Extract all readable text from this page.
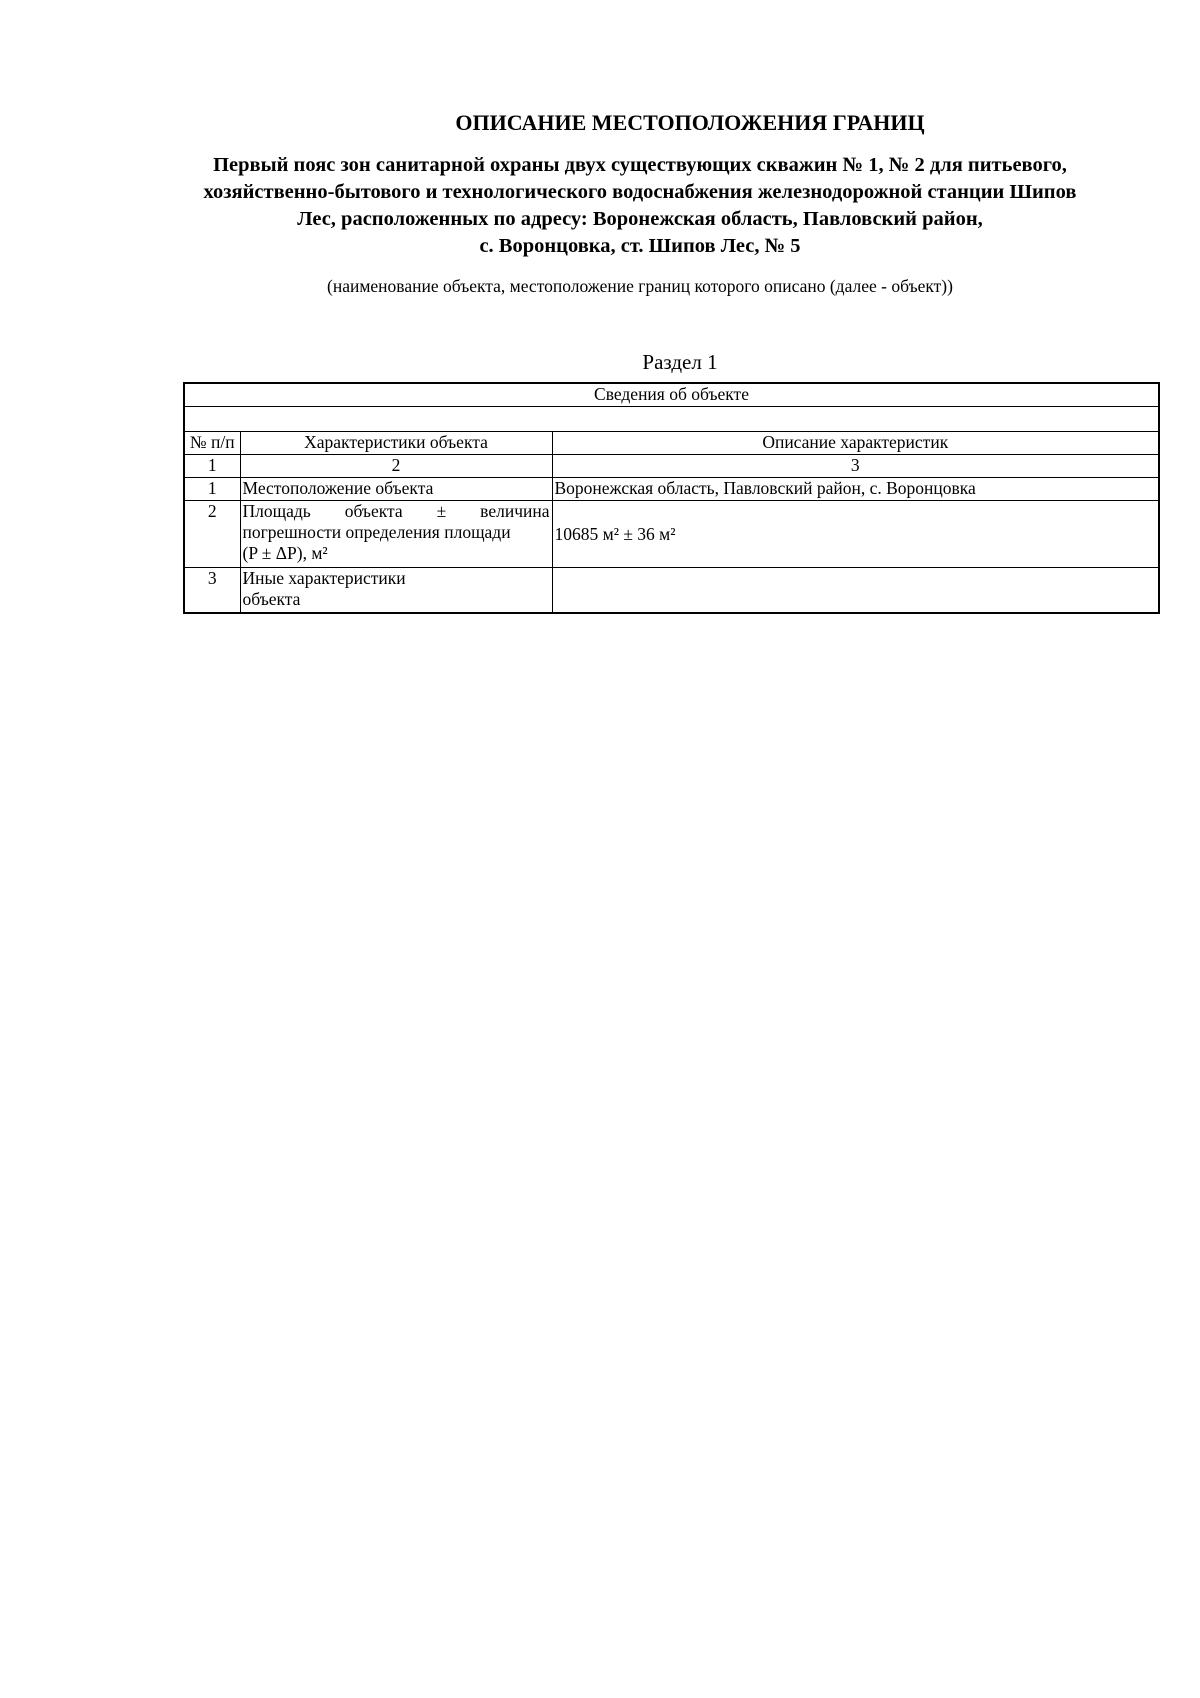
ОПИСАНИЕ МЕСТОПОЛОЖЕНИЯ ГРАНИЦ
Первый пояс зон санитарной охраны двух существующих скважин № 1, № 2 для питьевого,
хозяйственно-бытового и технологического водоснабжения железнодорожной станции Шипов
Лес, расположенных по адресу: Воронежская область, Павловский район,
с. Воронцовка, ст. Шипов Лес, № 5
(наименование объекта, местоположение границ которого описано (далее - объект))
Раздел 1
Сведения об объекте		

№ п/п	Характеристики объекта	Описание характеристик
1	2	3
1	Местоположение объекта	Воронежская область, Павловский район, с. Воронцовка
2	Площадь объекта ± величина
погрешности определения площади
(P ± ΔP), м²	10685 м² ± 36 м²
3	Иные характеристики
объекта	
